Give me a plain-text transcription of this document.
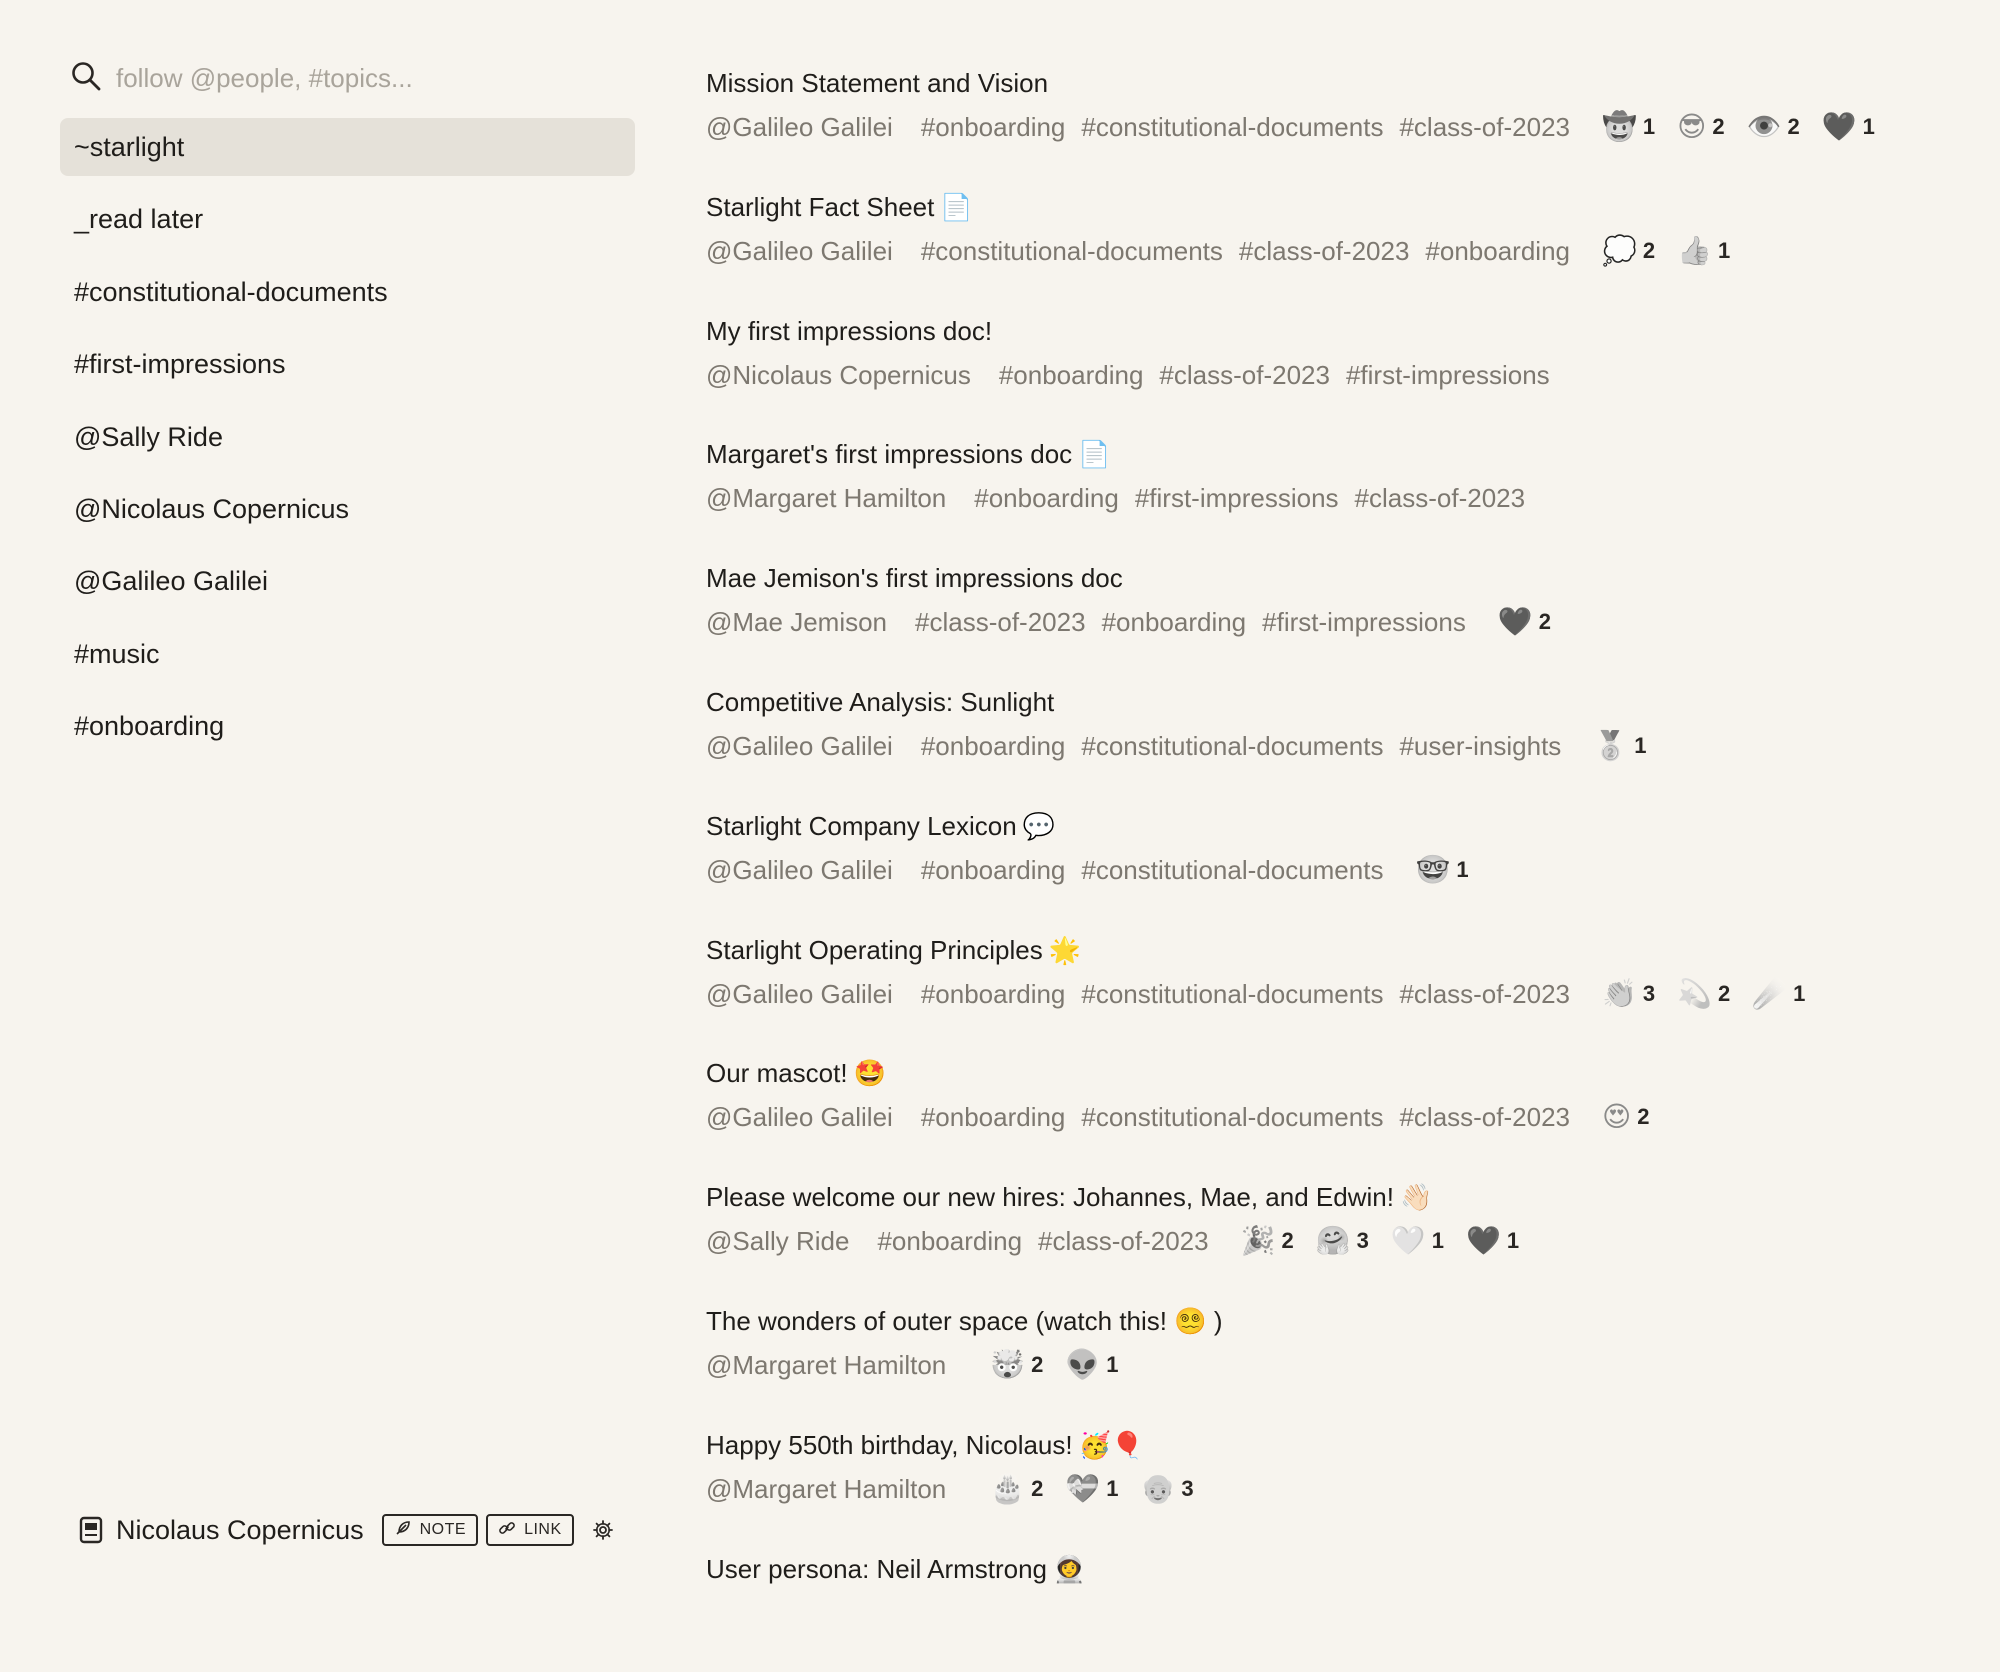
follow @people, #topics...
~starlight
_read later
#constitutional-documents
#first-impressions
@Sally Ride
@Nicolaus Copernicus
@Galileo Galilei
#music
#onboarding
Nicolaus Copernicus	NOTE	LINK
Mission Statement and Vision
@Galileo Galilei #onboarding #constitutional-documents #class-of-2023 🤠 1 😎 2 👁️ 2 🖤 1
Starlight Fact Sheet 📄
@Galileo Galilei #constitutional-documents #class-of-2023 #onboarding 💭 2 👍 1
My first impressions doc!
@Nicolaus Copernicus #onboarding #class-of-2023 #first-impressions
Margaret's first impressions doc 📄
@Margaret Hamilton #onboarding #first-impressions #class-of-2023
Mae Jemison's first impressions doc
@Mae Jemison #class-of-2023 #onboarding #first-impressions 🖤 2
Competitive Analysis: Sunlight
@Galileo Galilei #onboarding #constitutional-documents #user-insights 🥈 1
Starlight Company Lexicon 💬
@Galileo Galilei #onboarding #constitutional-documents 🤓 1
Starlight Operating Principles 🌟
@Galileo Galilei #onboarding #constitutional-documents #class-of-2023 👏 3 💫 2 ☄️ 1
Our mascot! 🤩
@Galileo Galilei #onboarding #constitutional-documents #class-of-2023 😍 2
Please welcome our new hires: Johannes, Mae, and Edwin! 👋🏻
@Sally Ride #onboarding #class-of-2023 🎉 2 🤗 3 🤍 1 🖤 1
The wonders of outer space (watch this! 😵‍💫 )
@Margaret Hamilton 🤯 2 👽 1
Happy 550th birthday, Nicolaus! 🥳🎈
@Margaret Hamilton 🎂 2 💝 1 👴 3
User persona: Neil Armstrong 👩‍🚀
